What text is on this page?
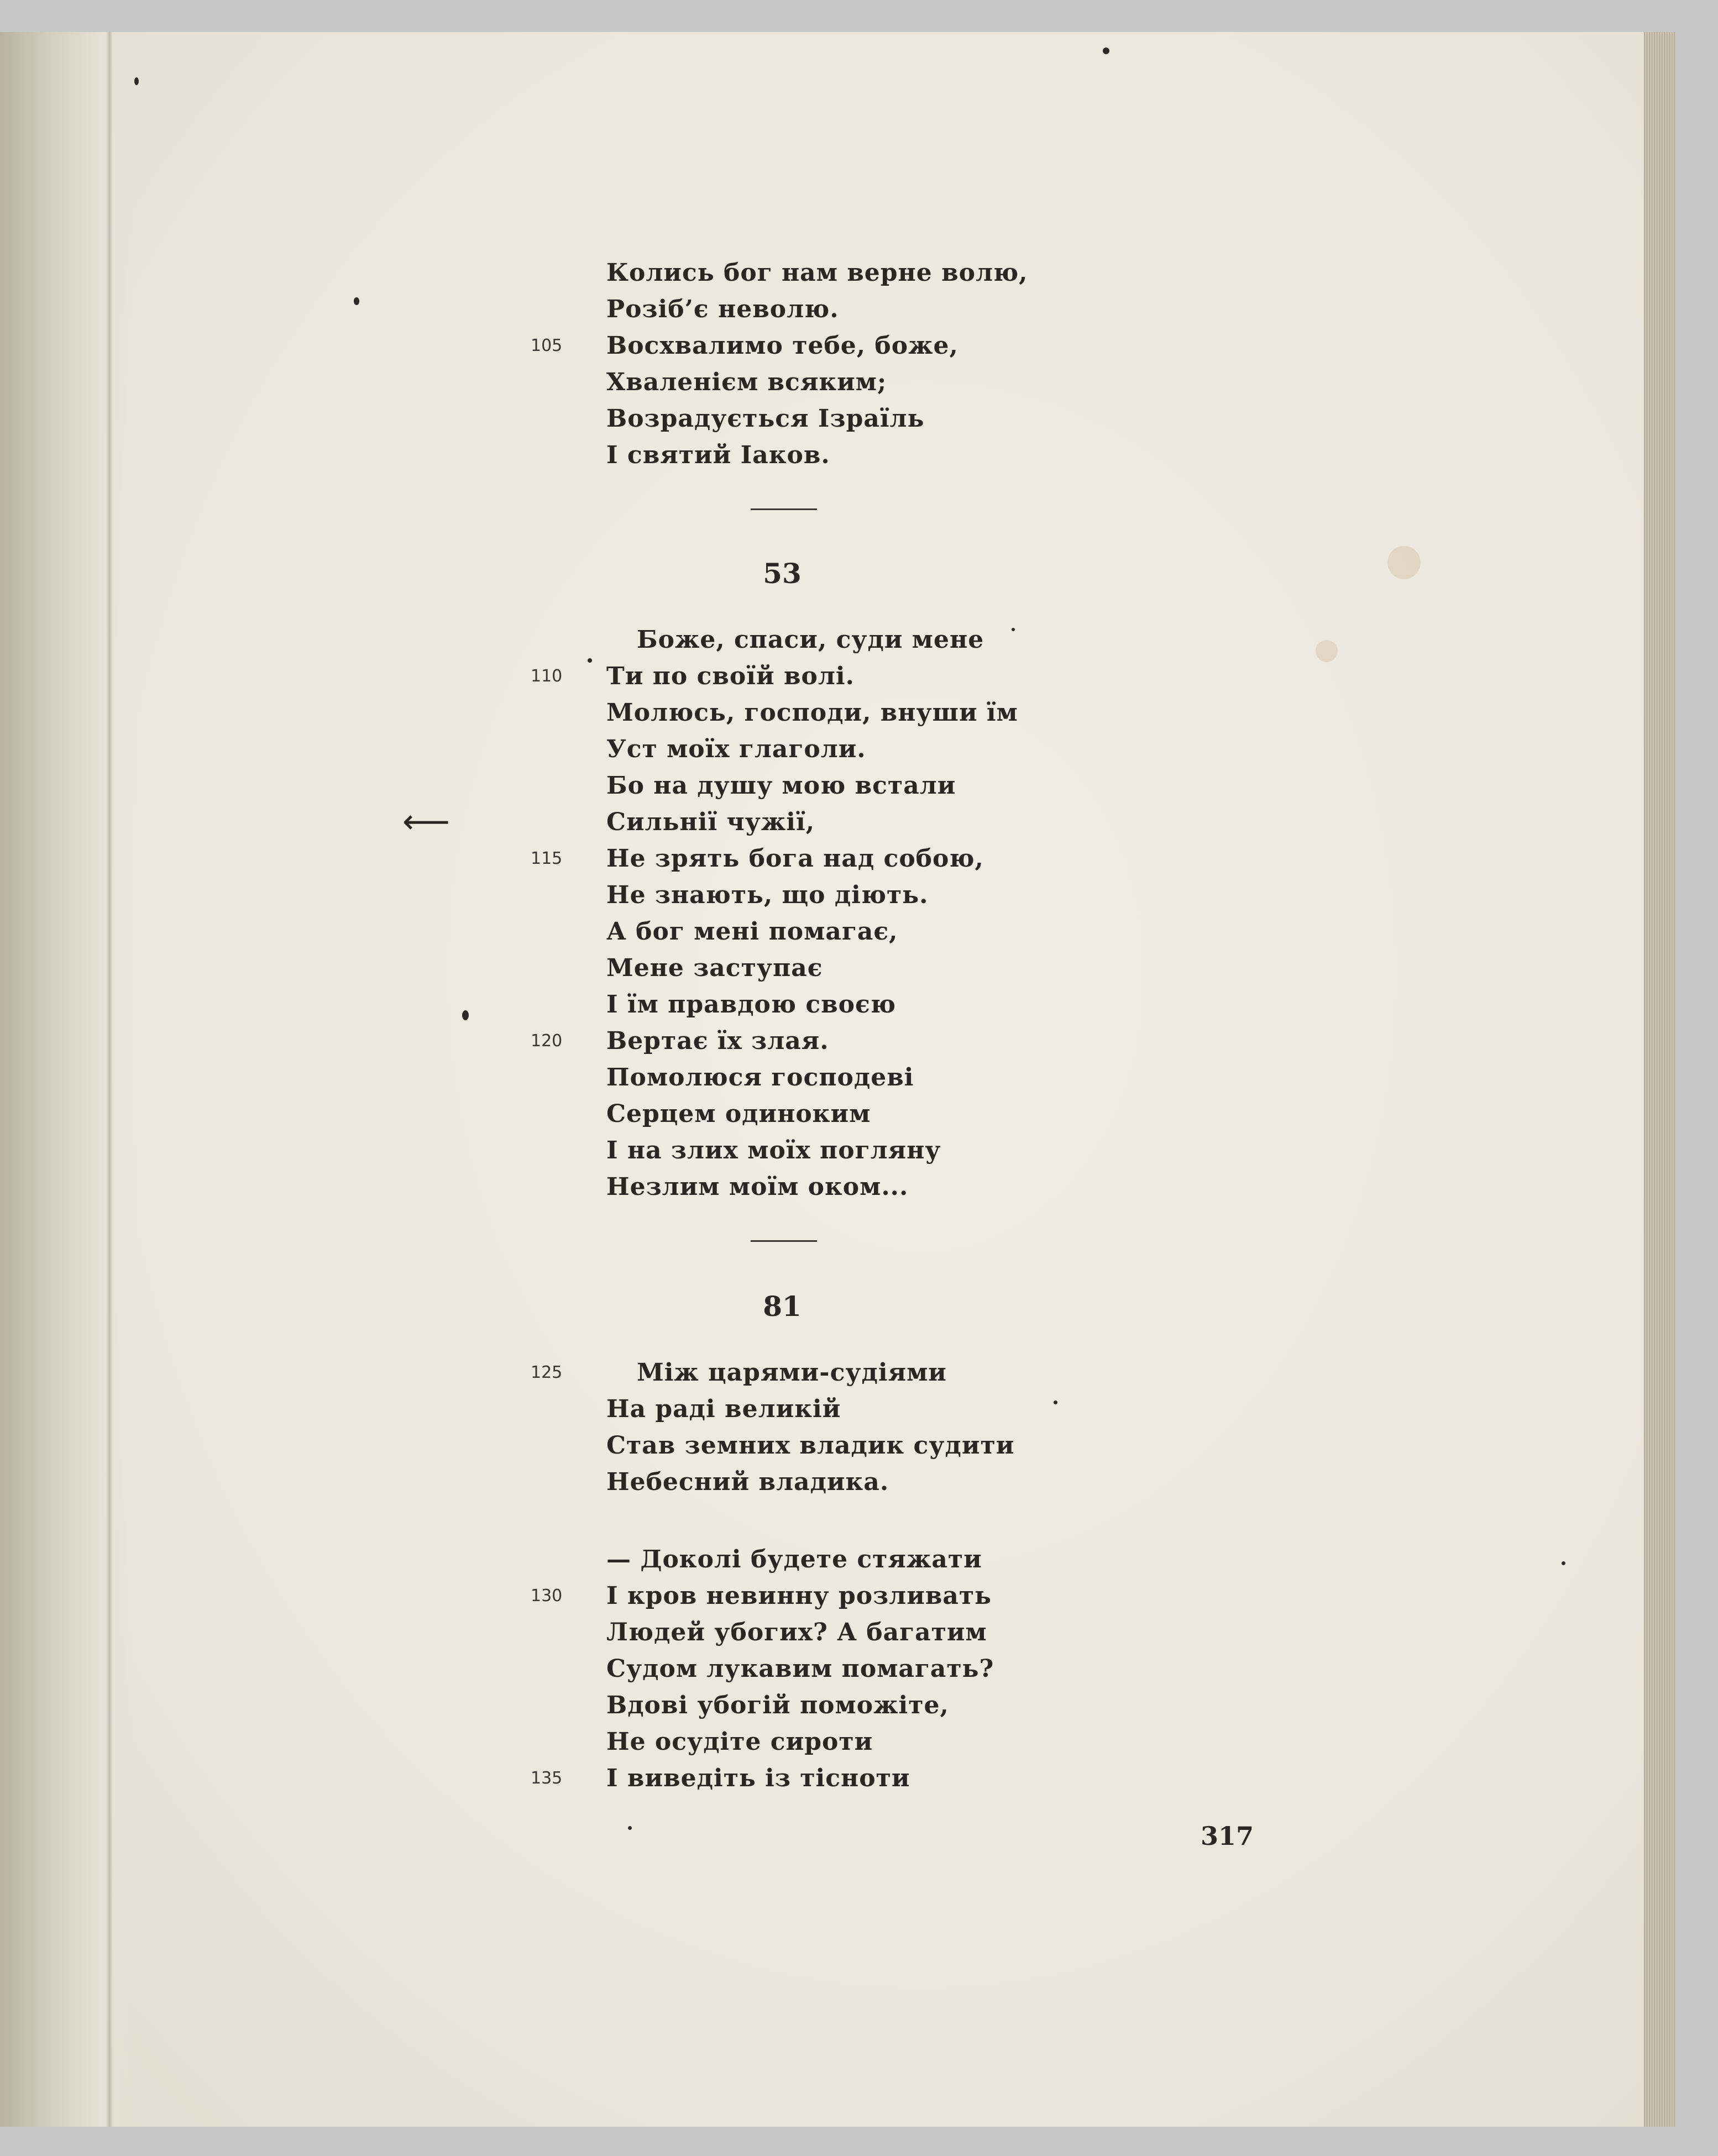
⟵
Колись бог нам верне волю,
Розіб’є неволю.
105 Восхвалимо тебе, боже,
Хваленієм всяким;
Возрадується Ізраїль
І святий Іаков.
53
Боже, спаси, суди мене
110 Ти по своїй волі.
Молюсь, господи, внуши їм
Уст моїх глаголи.
Бо на душу мою встали
Сильнії чужії,
115 Не зрять бога над собою,
Не знають, що діють.
А бог мені помагає,
Мене заступає
І їм правдою своєю
120 Вертає їх злая.
Помолюся господеві
Серцем одиноким
І на злих моїх погляну
Незлим моїм оком...
81
125	Між царями-судіями
На раді великій
Став земних владик судити
Небесний владика.
— Доколі будете стяжати
130 І кров невинну розливать
Людей убогих? А багатим
Судом лукавим помагать?
Вдові убогій поможіте,
Не осудіте сироти
135 І виведіть із тісноти
317
